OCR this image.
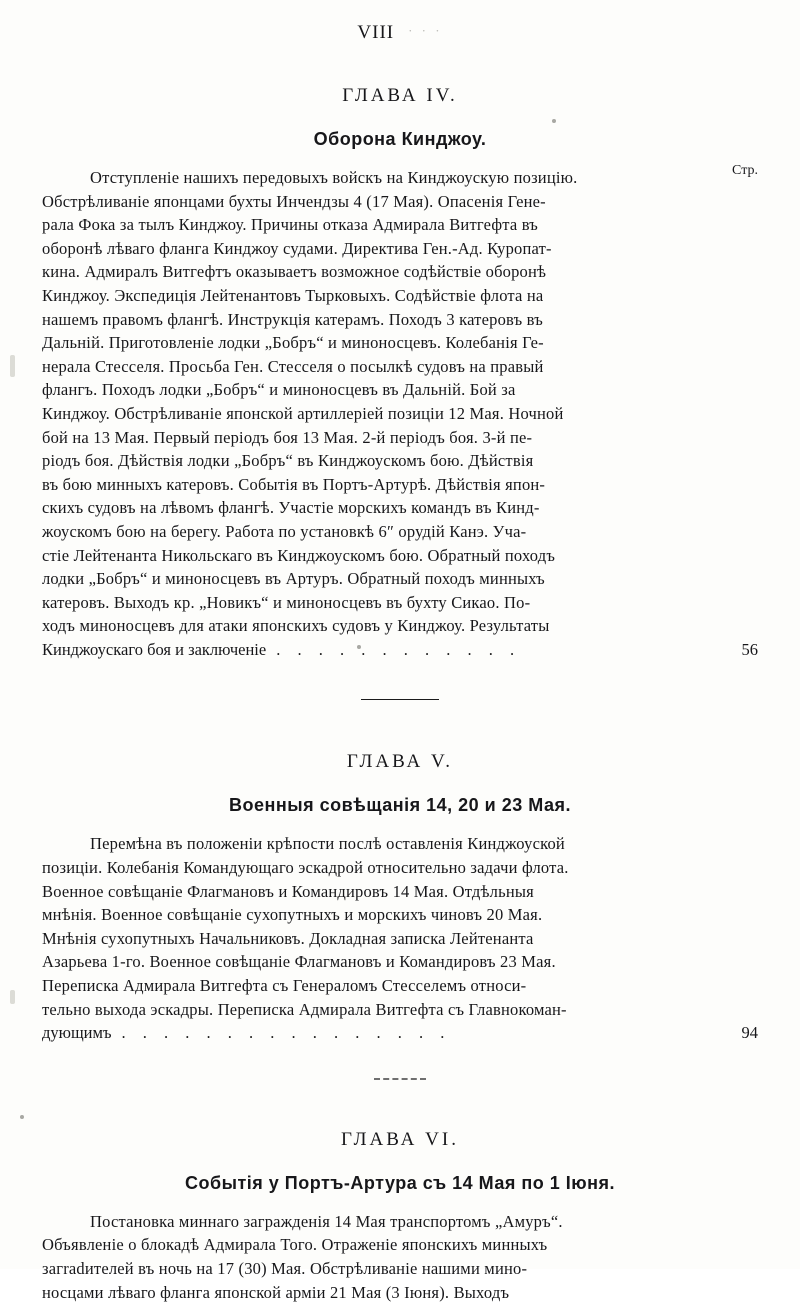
VIII · · ·
Стр.
ГЛАВА IV.
Оборона Кинджоу.
Отступленіе нашихъ передовыхъ войскъ на Кинджоускую позицію.
Обстрѣливаніе японцами бухты Инчендзы 4 (17 Мая). Опасенія Гене-
рала Фока за тылъ Кинджоу. Причины отказа Адмирала Витгефта въ
оборонѣ лѣваго фланга Кинджоу судами. Директива Ген.-Ад. Куропат-
кина. Адмиралъ Витгефтъ оказываетъ возможное содѣйствіе оборонѣ
Кинджоу. Экспедиція Лейтенантовъ Тырковыхъ. Содѣйствіе флота на
нашемъ правомъ флангѣ. Инструкція катерамъ. Походъ 3 катеровъ въ
Дальній. Приготовленіе лодки „Бобръ“ и миноносцевъ. Колебанія Ге-
нерала Стесселя. Просьба Ген. Стесселя о посылкѣ судовъ на правый
флангъ. Походъ лодки „Бобръ“ и миноносцевъ въ Дальній. Бой за
Кинджоу. Обстрѣливаніе японской артиллеріей позиціи 12 Мая. Ночной
бой на 13 Мая. Первый періодъ боя 13 Мая. 2-й періодъ боя. 3-й пе-
ріодъ боя. Дѣйствія лодки „Бобръ“ въ Кинджоускомъ бою. Дѣйствія
въ бою минныхъ катеровъ. Событія въ Портъ-Артурѣ. Дѣйствія япон-
скихъ судовъ на лѣвомъ флангѣ. Участіе морскихъ командъ въ Кинд-
жоускомъ бою на берегу. Работа по установкѣ 6″ орудій Канэ. Уча-
стіе Лейтенанта Никольскаго въ Кинджоускомъ бою. Обратный походъ
лодки „Бобръ“ и миноносцевъ въ Артуръ. Обратный походъ минныхъ
катеровъ. Выходъ кр. „Новикъ“ и миноносцевъ въ бухту Сикао. По-
ходъ миноносцевъ для атаки японскихъ судовъ у Кинджоу. Результаты
Кинджоускаго боя и заключеніе . . . . . . . . . . . .	56
ГЛАВА V.
Военныя совѣщанія 14, 20 и 23 Мая.
Перемѣна въ положеніи крѣпости послѣ оставленія Кинджоуской
позиціи. Колебанія Командующаго эскадрой относительно задачи флота.
Военное совѣщаніе Флагмановъ и Командировъ 14 Мая. Отдѣльныя
мнѣнія. Военное совѣщаніе сухопутныхъ и морскихъ чиновъ 20 Мая.
Мнѣнія сухопутныхъ Начальниковъ. Докладная записка Лейтенанта
Азарьева 1-го. Военное совѣщаніе Флагмановъ и Командировъ 23 Мая.
Переписка Адмирала Витгефта съ Генераломъ Стесселемъ относи-
тельно выхода эскадры. Переписка Адмирала Витгефта съ Главнокоман-
дующимъ . . . . . . . . . . . . . . . .	94
ГЛАВА VI.
Событія у Портъ-Артура съ 14 Мая по 1 Іюня.
Постановка миннаго загражденія 14 Мая транспортомъ „Амуръ“.
Объявленіе о блокадѣ Адмирала Того. Отраженіе японскихъ минныхъ
загradителей въ ночь на 17 (30) Мая. Обстрѣливаніе нашими мино-
носцами лѣваго фланга японской арміи 21 Мая (3 Іюня). Выходъ
